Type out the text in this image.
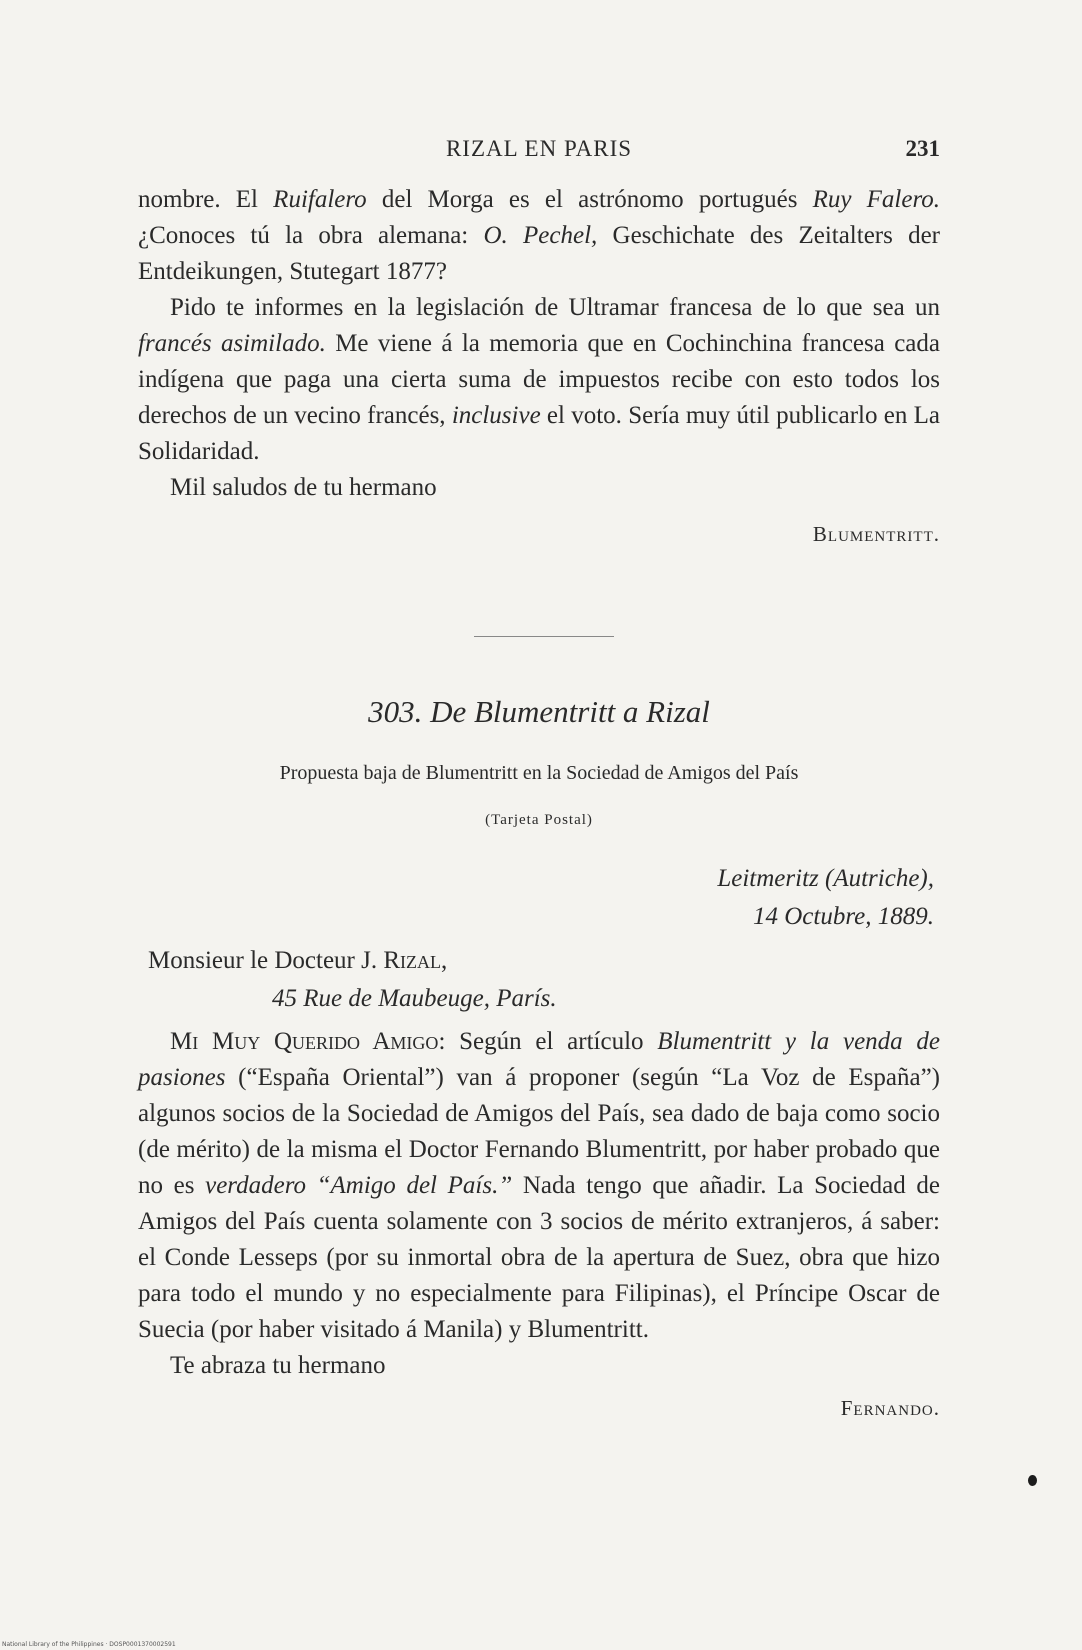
RIZAL EN PARIS	231

nombre. El Ruifalero del Morga es el astrónomo portugués Ruy Falero. ¿Conoces tú la obra alemana: O. Pechel, Geschichate des Zeitalters der Entdeikungen, Stutegart 1877?

Pido te informes en la legislación de Ultramar francesa de lo que sea un francés asimilado. Me viene á la memoria que en Cochinchina francesa cada indígena que paga una cierta suma de impuestos recibe con esto todos los derechos de un vecino francés, inclusive el voto. Sería muy útil publicarlo en La Solidaridad.

Mil saludos de tu hermano

Blumentritt.

303. De Blumentritt a Rizal
Propuesta baja de Blumentritt en la Sociedad de Amigos del País
(Tarjeta Postal)
Leitmeritz (Autriche),
14 Octubre, 1889.
Monsieur le Docteur J. Rizal,
45 Rue de Maubeuge, París.

Mi Muy Querido Amigo: Según el artículo Blumentritt y la venda de pasiones (“España Oriental”) van á proponer (según “La Voz de España”) algunos socios de la Sociedad de Amigos del País, sea dado de baja como socio (de mérito) de la misma el Doctor Fernando Blumentritt, por haber probado que no es verdadero “Amigo del País.” Nada tengo que añadir. La Sociedad de Amigos del País cuenta solamente con 3 socios de mérito extranjeros, á saber: el Conde Lesseps (por su inmortal obra de la apertura de Suez, obra que hizo para todo el mundo y no especialmente para Filipinas), el Príncipe Oscar de Suecia (por haber visitado á Manila) y Blumentritt.

Te abraza tu hermano

Fernando.

National Library of the Philippines · DOSP0001370002591
